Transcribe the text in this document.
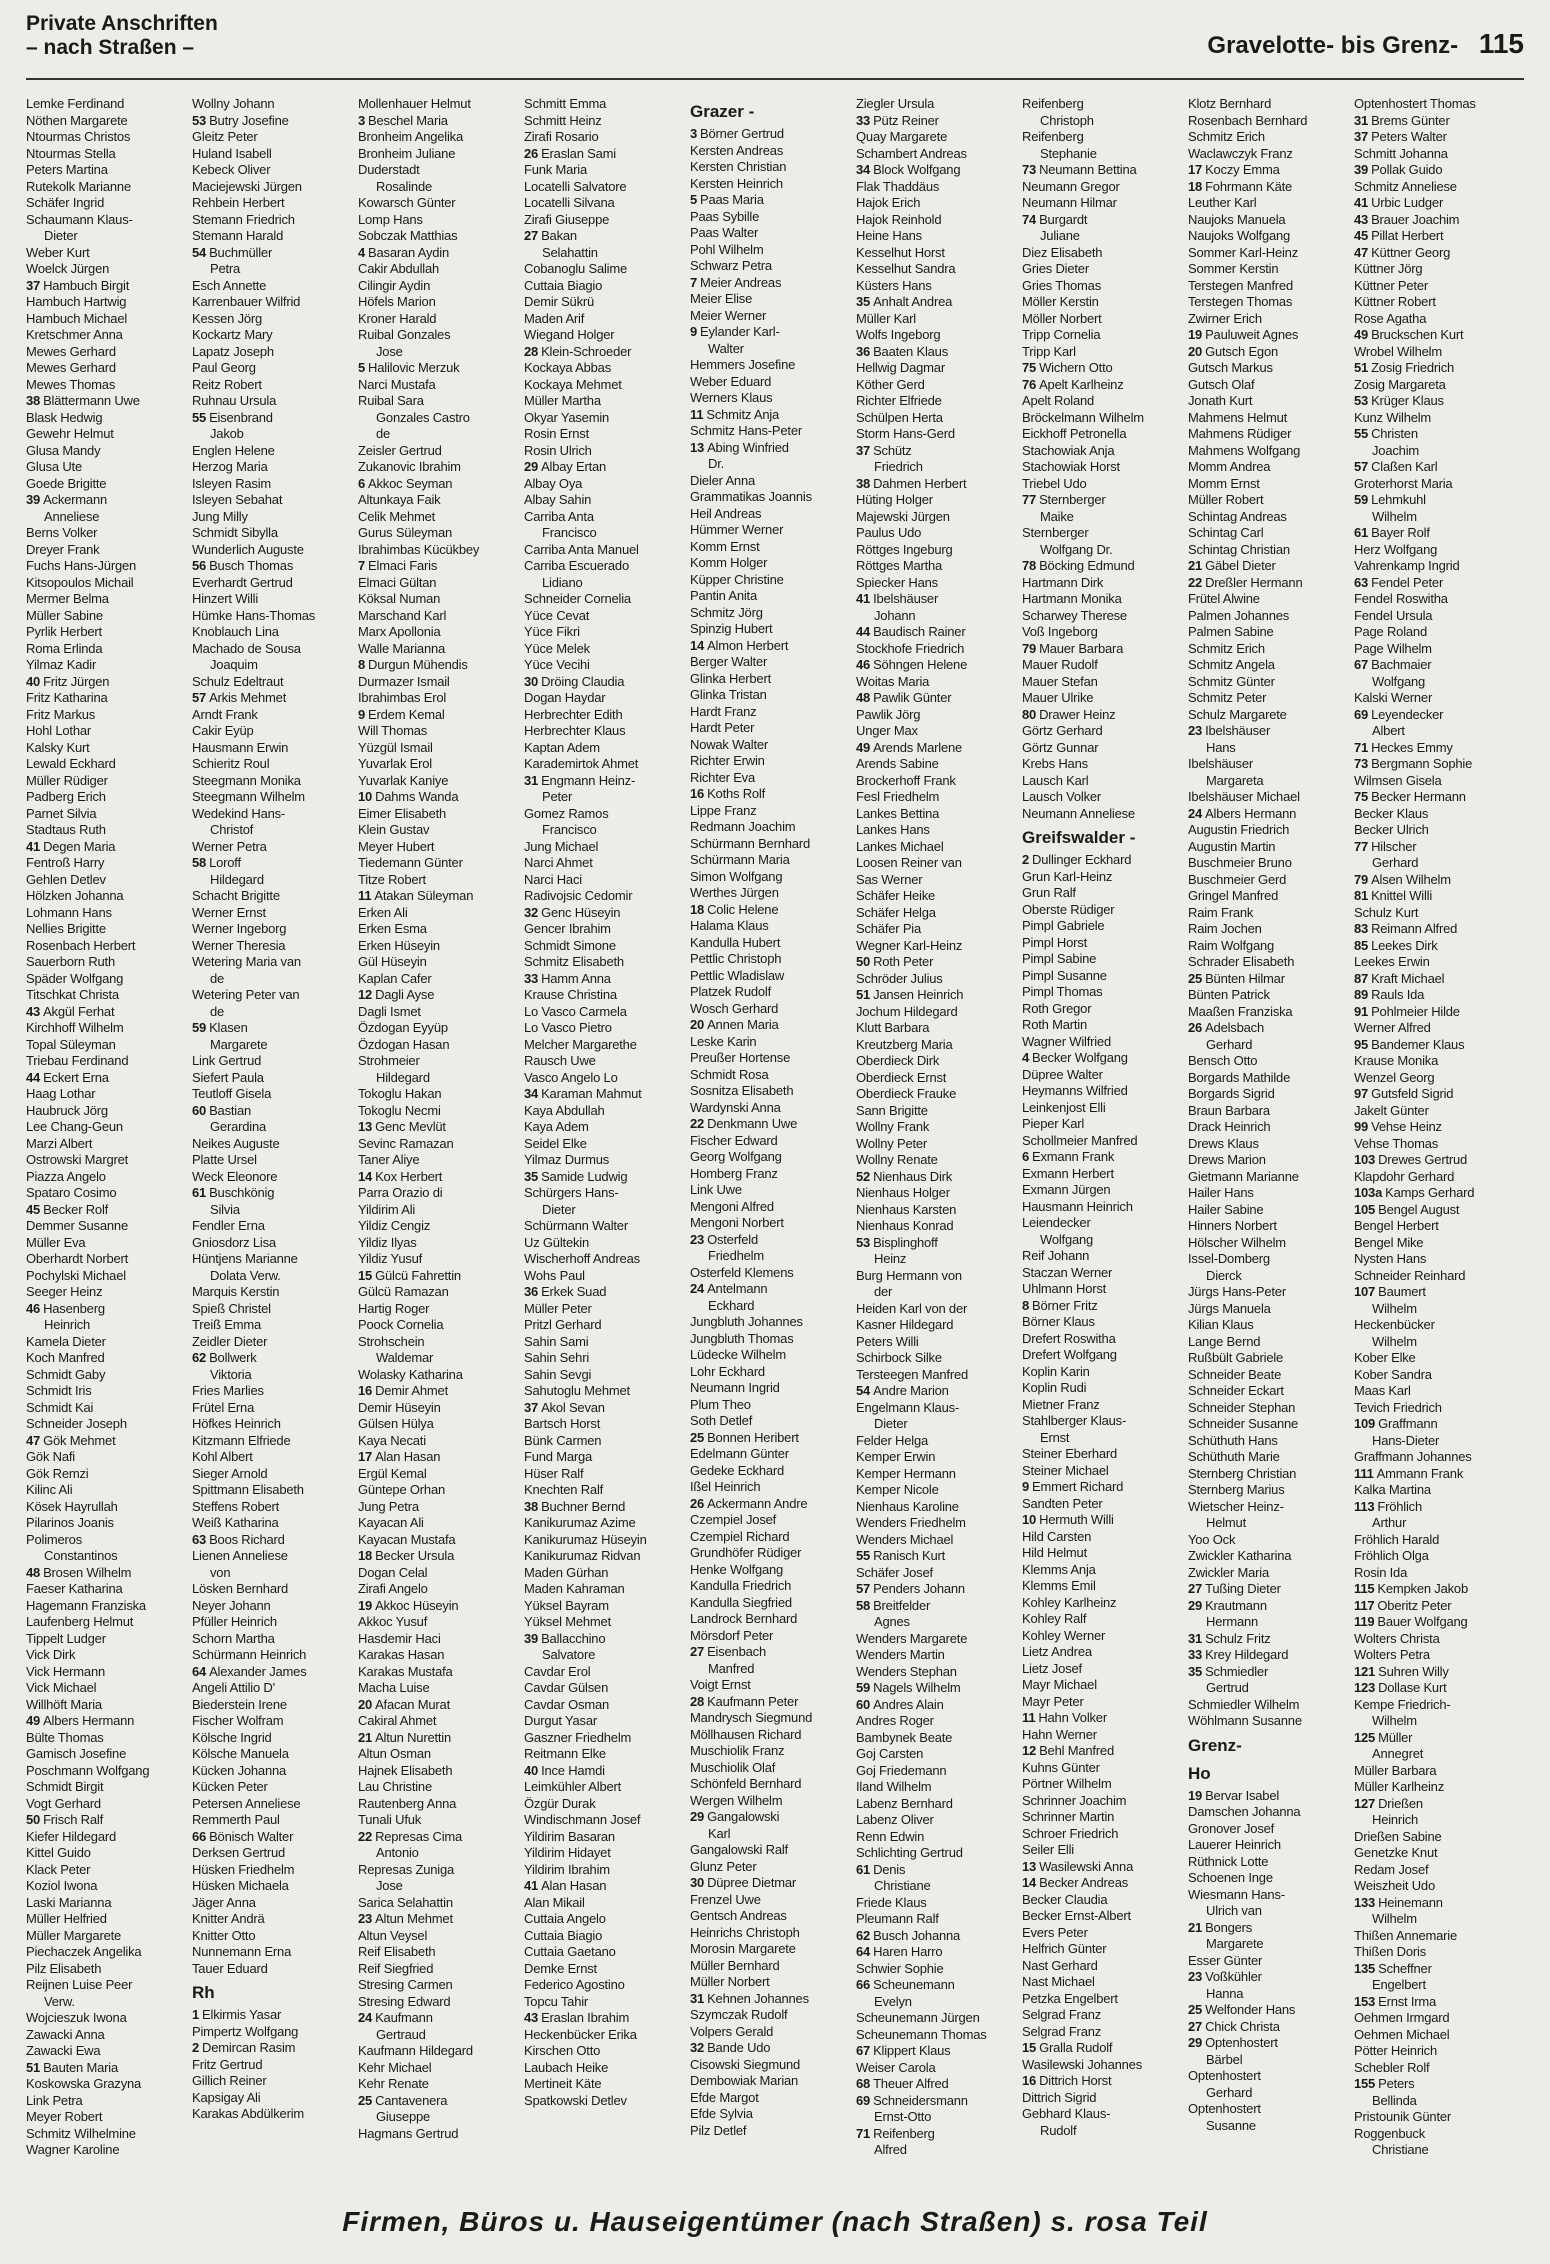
Private Anschriften
– nach Straßen –	Gravelotte- bis Grenz- 115
Lemke Ferdinand
Nöthen Margarete
Ntourmas Christos
Ntourmas Stella
Peters Martina
Rutekolk Marianne
Schäfer Ingrid
Schaumann Klaus-
Dieter
Weber Kurt
Woelck Jürgen
37 Hambuch Birgit
Hambuch Hartwig
Hambuch Michael
Kretschmer Anna
Mewes Gerhard
Mewes Gerhard
Mewes Thomas
38 Blättermann Uwe
Blask Hedwig
Gewehr Helmut
Glusa Mandy
Glusa Ute
Goede Brigitte
39 Ackermann
Anneliese
Berns Volker
Dreyer Frank
Fuchs Hans-Jürgen
Kitsopoulos Michail
Mermer Belma
Müller Sabine
Pyrlik Herbert
Roma Erlinda
Yilmaz Kadir
40 Fritz Jürgen
Fritz Katharina
Fritz Markus
Hohl Lothar
Kalsky Kurt
Lewald Eckhard
Müller Rüdiger
Padberg Erich
Parnet Silvia
Stadtaus Ruth
41 Degen Maria
Fentroß Harry
Gehlen Detlev
Hölzken Johanna
Lohmann Hans
Nellies Brigitte
Rosenbach Herbert
Sauerborn Ruth
Späder Wolfgang
Titschkat Christa
43 Akgül Ferhat
Kirchhoff Wilhelm
Topal Süleyman
Triebau Ferdinand
44 Eckert Erna
Haag Lothar
Haubruck Jörg
Lee Chang-Geun
Marzi Albert
Ostrowski Margret
Piazza Angelo
Spataro Cosimo
45 Becker Rolf
Demmer Susanne
Müller Eva
Oberhardt Norbert
Pochylski Michael
Seeger Heinz
46 Hasenberg
Heinrich
Kamela Dieter
Koch Manfred
Schmidt Gaby
Schmidt Iris
Schmidt Kai
Schneider Joseph
47 Gök Mehmet
Gök Nafi
Gök Remzi
Kilinc Ali
Kösek Hayrullah
Pilarinos Joanis
Polimeros
Constantinos
48 Brosen Wilhelm
Faeser Katharina
Hagemann Franziska
Laufenberg Helmut
Tippelt Ludger
Vick Dirk
Vick Hermann
Vick Michael
Willhöft Maria
49 Albers Hermann
Bülte Thomas
Gamisch Josefine
Poschmann Wolfgang
Schmidt Birgit
Vogt Gerhard
50 Frisch Ralf
Kiefer Hildegard
Kittel Guido
Klack Peter
Koziol Iwona
Laski Marianna
Müller Helfried
Müller Margarete
Piechaczek Angelika
Pilz Elisabeth
Reijnen Luise Peer
Verw.
Wojcieszuk Iwona
Zawacki Anna
Zawacki Ewa
51 Bauten Maria
Koskowska Grazyna
Link Petra
Meyer Robert
Schmitz Wilhelmine
Wagner Karoline
Wollny Johann
53 Butry Josefine
Gleitz Peter
Huland Isabell
Kebeck Oliver
Maciejewski Jürgen
Rehbein Herbert
Stemann Friedrich
Stemann Harald
54 Buchmüller
Petra
Esch Annette
Karrenbauer Wilfrid
Kessen Jörg
Kockartz Mary
Lapatz Joseph
Paul Georg
Reitz Robert
Ruhnau Ursula
55 Eisenbrand
Jakob
Englen Helene
Herzog Maria
Isleyen Rasim
Isleyen Sebahat
Jung Milly
Schmidt Sibylla
Wunderlich Auguste
56 Busch Thomas
Everhardt Gertrud
Hinzert Willi
Hümke Hans-Thomas
Knoblauch Lina
Machado de Sousa
Joaquim
Schulz Edeltraut
57 Arkis Mehmet
Arndt Frank
Cakir Eyüp
Hausmann Erwin
Schieritz Roul
Steegmann Monika
Steegmann Wilhelm
Wedekind Hans-
Christof
Werner Petra
58 Loroff
Hildegard
Schacht Brigitte
Werner Ernst
Werner Ingeborg
Werner Theresia
Wetering Maria van
de
Wetering Peter van
de
59 Klasen
Margarete
Link Gertrud
Siefert Paula
Teutloff Gisela
60 Bastian
Gerardina
Neikes Auguste
Platte Ursel
Weck Eleonore
61 Buschkönig
Silvia
Fendler Erna
Gniosdorz Lisa
Hüntjens Marianne
Dolata Verw.
Marquis Kerstin
Spieß Christel
Treiß Emma
Zeidler Dieter
62 Bollwerk
Viktoria
Fries Marlies
Frütel Erna
Höfkes Heinrich
Kitzmann Elfriede
Kohl Albert
Sieger Arnold
Spittmann Elisabeth
Steffens Robert
Weiß Katharina
63 Boos Richard
Lienen Anneliese
von
Lösken Bernhard
Neyer Johann
Pfüller Heinrich
Schorn Martha
Schürmann Heinrich
64 Alexander James
Angeli Attilio D'
Biederstein Irene
Fischer Wolfram
Kölsche Ingrid
Kölsche Manuela
Kücken Johanna
Kücken Peter
Petersen Anneliese
Remmerth Paul
66 Bönisch Walter
Derksen Gertrud
Hüsken Friedhelm
Hüsken Michaela
Jäger Anna
Knitter Andrä
Knitter Otto
Nunnemann Erna
Tauer Eduard
Rh
1 Elkirmis Yasar
Pimpertz Wolfgang
2 Demircan Rasim
Fritz Gertrud
Gillich Reiner
Kapsigay Ali
Karakas Abdülkerim
Mollenhauer Helmut
3 Beschel Maria
Bronheim Angelika
Bronheim Juliane
Duderstadt
Rosalinde
Kowarsch Günter
Lomp Hans
Sobczak Matthias
4 Basaran Aydin
Cakir Abdullah
Cilingir Aydin
Höfels Marion
Kroner Harald
Ruibal Gonzales
Jose
5 Halilovic Merzuk
Narci Mustafa
Ruibal Sara
Gonzales Castro
de
Zeisler Gertrud
Zukanovic Ibrahim
6 Akkoc Seyman
Altunkaya Faik
Celik Mehmet
Gurus Süleyman
Ibrahimbas Kücükbey
7 Elmaci Faris
Elmaci Gültan
Köksal Numan
Marschand Karl
Marx Apollonia
Walle Marianna
8 Durgun Mühendis
Durmazer Ismail
Ibrahimbas Erol
9 Erdem Kemal
Will Thomas
Yüzgül Ismail
Yuvarlak Erol
Yuvarlak Kaniye
10 Dahms Wanda
Eimer Elisabeth
Klein Gustav
Meyer Hubert
Tiedemann Günter
Titze Robert
11 Atakan Süleyman
Erken Ali
Erken Esma
Erken Hüseyin
Gül Hüseyin
Kaplan Cafer
12 Dagli Ayse
Dagli Ismet
Özdogan Eyyüp
Özdogan Hasan
Strohmeier
Hildegard
Tokoglu Hakan
Tokoglu Necmi
13 Genc Mevlüt
Sevinc Ramazan
Taner Aliye
14 Kox Herbert
Parra Orazio di
Yildirim Ali
Yildiz Cengiz
Yildiz Ilyas
Yildiz Yusuf
15 Gülcü Fahrettin
Gülcü Ramazan
Hartig Roger
Poock Cornelia
Strohschein
Waldemar
Wolasky Katharina
16 Demir Ahmet
Demir Hüseyin
Gülsen Hülya
Kaya Necati
17 Alan Hasan
Ergül Kemal
Güntepe Orhan
Jung Petra
Kayacan Ali
Kayacan Mustafa
18 Becker Ursula
Dogan Celal
Zirafi Angelo
19 Akkoc Hüseyin
Akkoc Yusuf
Hasdemir Haci
Karakas Hasan
Karakas Mustafa
Macha Luise
20 Afacan Murat
Cakiral Ahmet
21 Altun Nurettin
Altun Osman
Hajnek Elisabeth
Lau Christine
Rautenberg Anna
Tunali Ufuk
22 Represas Cima
Antonio
Represas Zuniga
Jose
Sarica Selahattin
23 Altun Mehmet
Altun Veysel
Reif Elisabeth
Reif Siegfried
Stresing Carmen
Stresing Edward
24 Kaufmann
Gertraud
Kaufmann Hildegard
Kehr Michael
Kehr Renate
25 Cantavenera
Giuseppe
Hagmans Gertrud
Schmitt Emma
Schmitt Heinz
Zirafi Rosario
26 Eraslan Sami
Funk Maria
Locatelli Salvatore
Locatelli Silvana
Zirafi Giuseppe
27 Bakan
Selahattin
Cobanoglu Salime
Cuttaia Biagio
Demir Sükrü
Maden Arif
Wiegand Holger
28 Klein-Schroeder
Kockaya Abbas
Kockaya Mehmet
Müller Martha
Okyar Yasemin
Rosin Ernst
Rosin Ulrich
29 Albay Ertan
Albay Oya
Albay Sahin
Carriba Anta
Francisco
Carriba Anta Manuel
Carriba Escuerado
Lidiano
Schneider Cornelia
Yüce Cevat
Yüce Fikri
Yüce Melek
Yüce Vecihi
30 Dröing Claudia
Dogan Haydar
Herbrechter Edith
Herbrechter Klaus
Kaptan Adem
Karademirtok Ahmet
31 Engmann Heinz-
Peter
Gomez Ramos
Francisco
Jung Michael
Narci Ahmet
Narci Haci
Radivojsic Cedomir
32 Genc Hüseyin
Gencer Ibrahim
Schmidt Simone
Schmitz Elisabeth
33 Hamm Anna
Krause Christina
Lo Vasco Carmela
Lo Vasco Pietro
Melcher Margarethe
Rausch Uwe
Vasco Angelo Lo
34 Karaman Mahmut
Kaya Abdullah
Kaya Adem
Seidel Elke
Yilmaz Durmus
35 Samide Ludwig
Schürgers Hans-
Dieter
Schürmann Walter
Uz Gültekin
Wischerhoff Andreas
Wohs Paul
36 Erkek Suad
Müller Peter
Pritzl Gerhard
Sahin Sami
Sahin Sehri
Sahin Sevgi
Sahutoglu Mehmet
37 Akol Sevan
Bartsch Horst
Bünk Carmen
Fund Marga
Hüser Ralf
Knechten Ralf
38 Buchner Bernd
Kanikurumaz Azime
Kanikurumaz Hüseyin
Kanikurumaz Ridvan
Maden Gürhan
Maden Kahraman
Yüksel Bayram
Yüksel Mehmet
39 Ballacchino
Salvatore
Cavdar Erol
Cavdar Gülsen
Cavdar Osman
Durgut Yasar
Gaszner Friedhelm
Reitmann Elke
40 Ince Hamdi
Leimkühler Albert
Özgür Durak
Windischmann Josef
Yildirim Basaran
Yildirim Hidayet
Yildirim Ibrahim
41 Alan Hasan
Alan Mikail
Cuttaia Angelo
Cuttaia Biagio
Cuttaia Gaetano
Demke Ernst
Federico Agostino
Topcu Tahir
43 Eraslan Ibrahim
Heckenbücker Erika
Kirschen Otto
Laubach Heike
Mertineit Käte
Spatkowski Detlev
Grazer -
3 Börner Gertrud
Kersten Andreas
Kersten Christian
Kersten Heinrich
5 Paas Maria
Paas Sybille
Paas Walter
Pohl Wilhelm
Schwarz Petra
7 Meier Andreas
Meier Elise
Meier Werner
9 Eylander Karl-
Walter
Hemmers Josefine
Weber Eduard
Werners Klaus
11 Schmitz Anja
Schmitz Hans-Peter
13 Abing Winfried
Dr.
Dieler Anna
Grammatikas Joannis
Heil Andreas
Hümmer Werner
Komm Ernst
Komm Holger
Küpper Christine
Pantin Anita
Schmitz Jörg
Spinzig Hubert
14 Almon Herbert
Berger Walter
Glinka Herbert
Glinka Tristan
Hardt Franz
Hardt Peter
Nowak Walter
Richter Erwin
Richter Eva
16 Koths Rolf
Lippe Franz
Redmann Joachim
Schürmann Bernhard
Schürmann Maria
Simon Wolfgang
Werthes Jürgen
18 Colic Helene
Halama Klaus
Kandulla Hubert
Pettlic Christoph
Pettlic Wladislaw
Platzek Rudolf
Wosch Gerhard
20 Annen Maria
Leske Karin
Preußer Hortense
Schmidt Rosa
Sosnitza Elisabeth
Wardynski Anna
22 Denkmann Uwe
Fischer Edward
Georg Wolfgang
Homberg Franz
Link Uwe
Mengoni Alfred
Mengoni Norbert
23 Osterfeld
Friedhelm
Osterfeld Klemens
24 Antelmann
Eckhard
Jungbluth Johannes
Jungbluth Thomas
Lüdecke Wilhelm
Lohr Eckhard
Neumann Ingrid
Plum Theo
Soth Detlef
25 Bonnen Heribert
Edelmann Günter
Gedeke Eckhard
Ißel Heinrich
26 Ackermann Andre
Czempiel Josef
Czempiel Richard
Grundhöfer Rüdiger
Henke Wolfgang
Kandulla Friedrich
Kandulla Siegfried
Landrock Bernhard
Mörsdorf Peter
27 Eisenbach
Manfred
Voigt Ernst
28 Kaufmann Peter
Mandrysch Siegmund
Möllhausen Richard
Muschiolik Franz
Muschiolik Olaf
Schönfeld Bernhard
Wergen Wilhelm
29 Gangalowski
Karl
Gangalowski Ralf
Glunz Peter
30 Düpree Dietmar
Frenzel Uwe
Gentsch Andreas
Heinrichs Christoph
Morosin Margarete
Müller Bernhard
Müller Norbert
31 Kehnen Johannes
Szymczak Rudolf
Volpers Gerald
32 Bande Udo
Cisowski Siegmund
Dembowiak Marian
Efde Margot
Efde Sylvia
Pilz Detlef
Ziegler Ursula
33 Pütz Reiner
Quay Margarete
Schambert Andreas
34 Block Wolfgang
Flak Thaddäus
Hajok Erich
Hajok Reinhold
Heine Hans
Kesselhut Horst
Kesselhut Sandra
Küsters Hans
35 Anhalt Andrea
Müller Karl
Wolfs Ingeborg
36 Baaten Klaus
Hellwig Dagmar
Köther Gerd
Richter Elfriede
Schülpen Herta
Storm Hans-Gerd
37 Schütz
Friedrich
38 Dahmen Herbert
Hüting Holger
Majewski Jürgen
Paulus Udo
Röttges Ingeburg
Röttges Martha
Spiecker Hans
41 Ibelshäuser
Johann
44 Baudisch Rainer
Stockhofe Friedrich
46 Söhngen Helene
Woitas Maria
48 Pawlik Günter
Pawlik Jörg
Unger Max
49 Arends Marlene
Arends Sabine
Brockerhoff Frank
Fesl Friedhelm
Lankes Bettina
Lankes Hans
Lankes Michael
Loosen Reiner van
Sas Werner
Schäfer Heike
Schäfer Helga
Schäfer Pia
Wegner Karl-Heinz
50 Roth Peter
Schröder Julius
51 Jansen Heinrich
Jochum Hildegard
Klutt Barbara
Kreutzberg Maria
Oberdieck Dirk
Oberdieck Ernst
Oberdieck Frauke
Sann Brigitte
Wollny Frank
Wollny Peter
Wollny Renate
52 Nienhaus Dirk
Nienhaus Holger
Nienhaus Karsten
Nienhaus Konrad
53 Bisplinghoff
Heinz
Burg Hermann von
der
Heiden Karl von der
Kasner Hildegard
Peters Willi
Schirbock Silke
Tersteegen Manfred
54 Andre Marion
Engelmann Klaus-
Dieter
Felder Helga
Kemper Erwin
Kemper Hermann
Kemper Nicole
Nienhaus Karoline
Wenders Friedhelm
Wenders Michael
55 Ranisch Kurt
Schäfer Josef
57 Penders Johann
58 Breitfelder
Agnes
Wenders Margarete
Wenders Martin
Wenders Stephan
59 Nagels Wilhelm
60 Andres Alain
Andres Roger
Bambynek Beate
Goj Carsten
Goj Friedemann
Iland Wilhelm
Labenz Bernhard
Labenz Oliver
Renn Edwin
Schlichting Gertrud
61 Denis
Christiane
Friede Klaus
Pleumann Ralf
62 Busch Johanna
64 Haren Harro
Schwier Sophie
66 Scheunemann
Evelyn
Scheunemann Jürgen
Scheunemann Thomas
67 Klippert Klaus
Weiser Carola
68 Theuer Alfred
69 Schneidersmann
Ernst-Otto
71 Reifenberg
Alfred
Reifenberg
Christoph
Reifenberg
Stephanie
73 Neumann Bettina
Neumann Gregor
Neumann Hilmar
74 Burgardt
Juliane
Diez Elisabeth
Gries Dieter
Gries Thomas
Möller Kerstin
Möller Norbert
Tripp Cornelia
Tripp Karl
75 Wichern Otto
76 Apelt Karlheinz
Apelt Roland
Bröckelmann Wilhelm
Eickhoff Petronella
Stachowiak Anja
Stachowiak Horst
Triebel Udo
77 Sternberger
Maike
Sternberger
Wolfgang Dr.
78 Böcking Edmund
Hartmann Dirk
Hartmann Monika
Scharwey Therese
Voß Ingeborg
79 Mauer Barbara
Mauer Rudolf
Mauer Stefan
Mauer Ulrike
80 Drawer Heinz
Görtz Gerhard
Görtz Gunnar
Krebs Hans
Lausch Karl
Lausch Volker
Neumann Anneliese
Greifswalder -
2 Dullinger Eckhard
Grun Karl-Heinz
Grun Ralf
Oberste Rüdiger
Pimpl Gabriele
Pimpl Horst
Pimpl Sabine
Pimpl Susanne
Pimpl Thomas
Roth Gregor
Roth Martin
Wagner Wilfried
4 Becker Wolfgang
Düpree Walter
Heymanns Wilfried
Leinkenjost Elli
Pieper Karl
Schollmeier Manfred
6 Exmann Frank
Exmann Herbert
Exmann Jürgen
Hausmann Heinrich
Leiendecker
Wolfgang
Reif Johann
Staczan Werner
Uhlmann Horst
8 Börner Fritz
Börner Klaus
Drefert Roswitha
Drefert Wolfgang
Koplin Karin
Koplin Rudi
Mietner Franz
Stahlberger Klaus-
Ernst
Steiner Eberhard
Steiner Michael
9 Emmert Richard
Sandten Peter
10 Hermuth Willi
Hild Carsten
Hild Helmut
Klemms Anja
Klemms Emil
Kohley Karlheinz
Kohley Ralf
Kohley Werner
Lietz Andrea
Lietz Josef
Mayr Michael
Mayr Peter
11 Hahn Volker
Hahn Werner
12 Behl Manfred
Kuhns Günter
Pörtner Wilhelm
Schrinner Joachim
Schrinner Martin
Schroer Friedrich
Seiler Elli
13 Wasilewski Anna
14 Becker Andreas
Becker Claudia
Becker Ernst-Albert
Evers Peter
Helfrich Günter
Nast Gerhard
Nast Michael
Petzka Engelbert
Selgrad Franz
Selgrad Franz
15 Gralla Rudolf
Wasilewski Johannes
16 Dittrich Horst
Dittrich Sigrid
Gebhard Klaus-
Rudolf
Klotz Bernhard
Rosenbach Bernhard
Schmitz Erich
Waclawczyk Franz
17 Koczy Emma
18 Fohrmann Käte
Leuther Karl
Naujoks Manuela
Naujoks Wolfgang
Sommer Karl-Heinz
Sommer Kerstin
Terstegen Manfred
Terstegen Thomas
Zwirner Erich
19 Pauluweit Agnes
20 Gutsch Egon
Gutsch Markus
Gutsch Olaf
Jonath Kurt
Mahmens Helmut
Mahmens Rüdiger
Mahmens Wolfgang
Momm Andrea
Momm Ernst
Müller Robert
Schintag Andreas
Schintag Carl
Schintag Christian
21 Gäbel Dieter
22 Dreßler Hermann
Frütel Alwine
Palmen Johannes
Palmen Sabine
Schmitz Erich
Schmitz Angela
Schmitz Günter
Schmitz Peter
Schulz Margarete
23 Ibelshäuser
Hans
Ibelshäuser
Margareta
Ibelshäuser Michael
24 Albers Hermann
Augustin Friedrich
Augustin Martin
Buschmeier Bruno
Buschmeier Gerd
Gringel Manfred
Raim Frank
Raim Jochen
Raim Wolfgang
Schrader Elisabeth
25 Bünten Hilmar
Bünten Patrick
Maaßen Franziska
26 Adelsbach
Gerhard
Bensch Otto
Borgards Mathilde
Borgards Sigrid
Braun Barbara
Drack Heinrich
Drews Klaus
Drews Marion
Gietmann Marianne
Hailer Hans
Hailer Sabine
Hinners Norbert
Hölscher Wilhelm
Issel-Domberg
Dierck
Jürgs Hans-Peter
Jürgs Manuela
Kilian Klaus
Lange Bernd
Rußbült Gabriele
Schneider Beate
Schneider Eckart
Schneider Stephan
Schneider Susanne
Schüthuth Hans
Schüthuth Marie
Sternberg Christian
Sternberg Marius
Wietscher Heinz-
Helmut
Yoo Ock
Zwickler Katharina
Zwickler Maria
27 Tußing Dieter
29 Krautmann
Hermann
31 Schulz Fritz
33 Krey Hildegard
35 Schmiedler
Gertrud
Schmiedler Wilhelm
Wöhlmann Susanne
Grenz-
Ho
19 Bervar Isabel
Damschen Johanna
Gronover Josef
Lauerer Heinrich
Rüthnick Lotte
Schoenen Inge
Wiesmann Hans-
Ulrich van
21 Bongers
Margarete
Esser Günter
23 Voßkühler
Hanna
25 Welfonder Hans
27 Chick Christa
29 Optenhostert
Bärbel
Optenhostert
Gerhard
Optenhostert
Susanne
Optenhostert Thomas
31 Brems Günter
37 Peters Walter
Schmitt Johanna
39 Pollak Guido
Schmitz Anneliese
41 Urbic Ludger
43 Brauer Joachim
45 Pillat Herbert
47 Küttner Georg
Küttner Jörg
Küttner Peter
Küttner Robert
Rose Agatha
49 Bruckschen Kurt
Wrobel Wilhelm
51 Zosig Friedrich
Zosig Margareta
53 Krüger Klaus
Kunz Wilhelm
55 Christen
Joachim
57 Claßen Karl
Groterhorst Maria
59 Lehmkuhl
Wilhelm
61 Bayer Rolf
Herz Wolfgang
Vahrenkamp Ingrid
63 Fendel Peter
Fendel Roswitha
Fendel Ursula
Page Roland
Page Wilhelm
67 Bachmaier
Wolfgang
Kalski Werner
69 Leyendecker
Albert
71 Heckes Emmy
73 Bergmann Sophie
Wilmsen Gisela
75 Becker Hermann
Becker Klaus
Becker Ulrich
77 Hilscher
Gerhard
79 Alsen Wilhelm
81 Knittel Willi
Schulz Kurt
83 Reimann Alfred
85 Leekes Dirk
Leekes Erwin
87 Kraft Michael
89 Rauls Ida
91 Pohlmeier Hilde
Werner Alfred
95 Bandemer Klaus
Krause Monika
Wenzel Georg
97 Gutsfeld Sigrid
Jakelt Günter
99 Vehse Heinz
Vehse Thomas
103 Drewes Gertrud
Klapdohr Gerhard
103a Kamps Gerhard
105 Bengel August
Bengel Herbert
Bengel Mike
Nysten Hans
Schneider Reinhard
107 Baumert
Wilhelm
Heckenbücker
Wilhelm
Kober Elke
Kober Sandra
Maas Karl
Tevich Friedrich
109 Graffmann
Hans-Dieter
Graffmann Johannes
111 Ammann Frank
Kalka Martina
113 Fröhlich
Arthur
Fröhlich Harald
Fröhlich Olga
Rosin Ida
115 Kempken Jakob
117 Oberitz Peter
119 Bauer Wolfgang
Wolters Christa
Wolters Petra
121 Suhren Willy
123 Dollase Kurt
Kempe Friedrich-
Wilhelm
125 Müller
Annegret
Müller Barbara
Müller Karlheinz
127 Drießen
Heinrich
Drießen Sabine
Genetzke Knut
Redam Josef
Weiszheit Udo
133 Heinemann
Wilhelm
Thißen Annemarie
Thißen Doris
135 Scheffner
Engelbert
153 Ernst Irma
Oehmen Irmgard
Oehmen Michael
Pötter Heinrich
Schebler Rolf
155 Peters
Bellinda
Pristounik Günter
Roggenbuck
Christiane
Firmen, Büros u. Hauseigentümer (nach Straßen) s. rosa Teil
